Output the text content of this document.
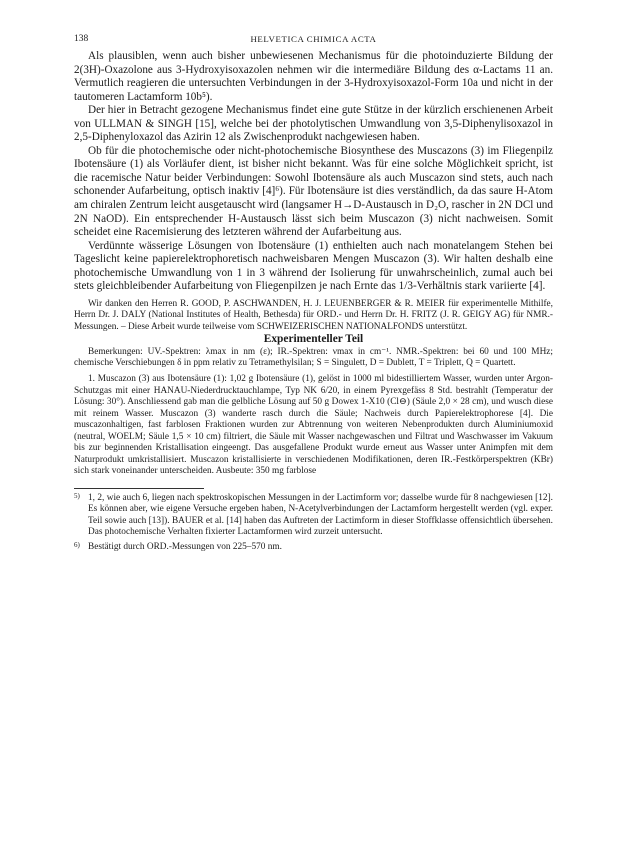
138	HELVETICA CHIMICA ACTA

Als plausiblen, wenn auch bisher unbewiesenen Mechanismus für die photoinduzierte Bildung der 2(3H)-Oxazolone aus 3-Hydroxyisoxazolen nehmen wir die intermediäre Bildung des α-Lactams 11 an. Vermutlich reagieren die untersuchten Verbindungen in der 3-Hydroxyisoxazol-Form 10a und nicht in der tautomeren Lactamform 10b⁵).

Der hier in Betracht gezogene Mechanismus findet eine gute Stütze in der kürzlich erschienenen Arbeit von ULLMAN & SINGH [15], welche bei der photolytischen Umwandlung von 3,5-Diphenylisoxazol in 2,5-Diphenyloxazol das Azirin 12 als Zwischenprodukt nachgewiesen haben.

Ob für die photochemische oder nicht-photochemische Biosynthese des Muscazons (3) im Fliegenpilz Ibotensäure (1) als Vorläufer dient, ist bisher nicht bekannt. Was für eine solche Möglichkeit spricht, ist die racemische Natur beider Verbindungen: Sowohl Ibotensäure als auch Muscazon sind stets, auch nach schonender Aufarbeitung, optisch inaktiv [4]⁶). Für Ibotensäure ist dies verständlich, da das saure H-Atom am chiralen Zentrum leicht ausgetauscht wird (langsamer H→D-Austausch in D₂O, rascher in 2N DCl und 2N NaOD). Ein entsprechender H-Austausch lässt sich beim Muscazon (3) nicht nachweisen. Somit scheidet eine Racemisierung des letzteren während der Aufarbeitung aus.

Verdünnte wässerige Lösungen von Ibotensäure (1) enthielten auch nach monatelangem Stehen bei Tageslicht keine papierelektrophoretisch nachweisbaren Mengen Muscazon (3). Wir halten deshalb eine photochemische Umwandlung von 1 in 3 während der Isolierung für unwahrscheinlich, zumal auch bei stets gleichbleibender Aufarbeitung von Fliegenpilzen je nach Ernte das 1/3-Verhältnis stark variierte [4].

Wir danken den Herren R. GOOD, P. ASCHWANDEN, H. J. LEUENBERGER & R. MEIER für experimentelle Mithilfe, Herrn Dr. J. DALY (National Institutes of Health, Bethesda) für ORD.- und Herrn Dr. H. FRITZ (J. R. GEIGY AG) für NMR.-Messungen. – Diese Arbeit wurde teilweise vom SCHWEIZERISCHEN NATIONALFONDS unterstützt.

Experimenteller Teil

Bemerkungen: UV.-Spektren: λmax in nm (ε); IR.-Spektren: νmax in cm⁻¹. NMR.-Spektren: bei 60 und 100 MHz; chemische Verschiebungen δ in ppm relativ zu Tetramethylsilan; S = Singulett, D = Dublett, T = Triplett, Q = Quartett.

1. Muscazon (3) aus Ibotensäure (1): 1,02 g Ibotensäure (1), gelöst in 1000 ml bidestilliertem Wasser, wurden unter Argon-Schutzgas mit einer HANAU-Niederdrucktauchlampe, Typ NK 6/20, in einem Pyrexgefäss 8 Std. bestrahlt (Temperatur der Lösung: 30°). Anschliessend gab man die gelbliche Lösung auf 50 g Dowex 1-X10 (Cl⊖) (Säule 2,0 × 28 cm), und wusch diese mit reinem Wasser. Muscazon (3) wanderte rasch durch die Säule; Nachweis durch Papierelektrophorese [4]. Die muscazonhaltigen, fast farblosen Fraktionen wurden zur Abtrennung von weiteren Nebenprodukten durch Aluminiumoxid (neutral, WOELM; Säule 1,5 × 10 cm) filtriert, die Säule mit Wasser nachgewaschen und Filtrat und Waschwasser im Vakuum bis zur beginnenden Kristallisation eingeengt. Das ausgefallene Produkt wurde erneut aus Wasser unter Animpfen mit dem Naturprodukt umkristallisiert. Muscazon kristallisierte in verschiedenen Modifikationen, deren IR.-Festkörperspektren (KBr) sich stark voneinander unterscheiden. Ausbeute: 350 mg farblose

5) 1, 2, wie auch 6, liegen nach spektroskopischen Messungen in der Lactimform vor; dasselbe wurde für 8 nachgewiesen [12]. Es können aber, wie eigene Versuche ergeben haben, N-Acetylverbindungen der Lactamform hergestellt werden (vgl. exper. Teil sowie auch [13]). BAUER et al. [14] haben das Auftreten der Lactimform in dieser Stoffklasse offensichtlich übersehen. Das photochemische Verhalten fixierter Lactamformen wird zurzeit untersucht.

6) Bestätigt durch ORD.-Messungen von 225–570 nm.
